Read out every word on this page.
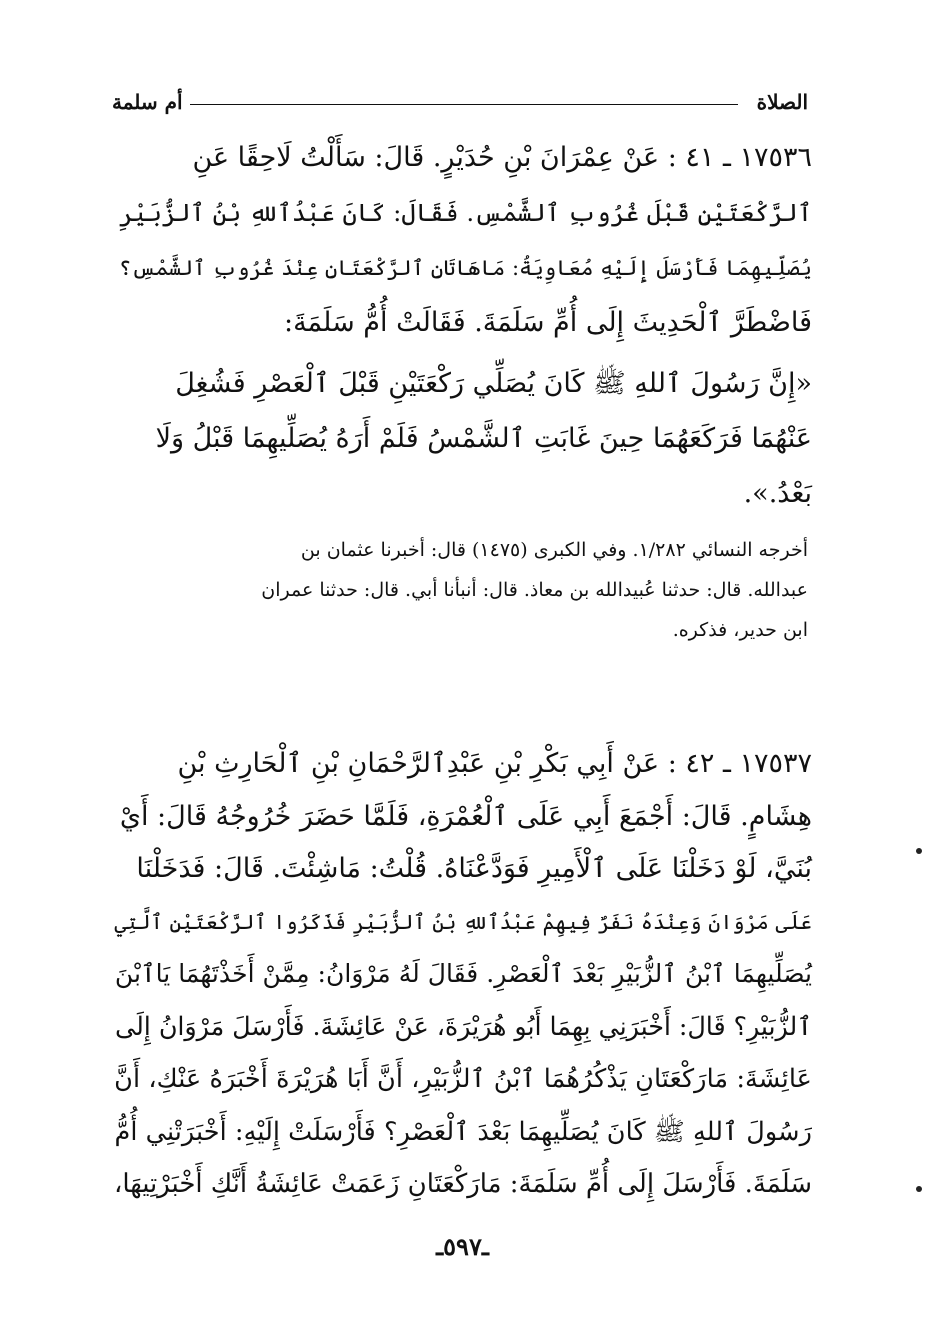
الصلاة
أم سلمة
١٧٥٣٦ ـ ٤١ : عَنْ عِمْرَانَ بْنِ حُدَيْرٍ. قَالَ: سَأَلْتُ لَاحِقًا عَنِ
ٱلرَّكْعَتَيْنِ قَبْلَ غُرُوبِ ٱلشَّمْسِ. فَقَالَ: كَانَ عَبْدُٱللهِ بْنُ ٱلزُّبَيْرِ
يُصَلِّيهِمَا فَأَرْسَلَ إِلَيْهِ مُعَاوِيَةُ: مَاهَاتَانِ ٱلرَّكْعَتَانِ عِنْدَ غُرُوبِ ٱلشَّمْسِ؟
فَاضْطَرَّ ٱلْحَدِيثَ إِلَى أُمِّ سَلَمَةَ. فَقَالَتْ أُمُّ سَلَمَةَ:
«إِنَّ رَسُولَ ٱللهِ ﷺ كَانَ يُصَلِّي رَكْعَتَيْنِ قَبْلَ ٱلْعَصْرِ فَشُغِلَ
عَنْهُمَا فَرَكَعَهُمَا حِينَ غَابَتِ ٱلشَّمْسُ فَلَمْ أَرَهُ يُصَلِّيهِمَا قَبْلُ وَلَا
بَعْدُ.».
أخرجه النسائي ١/٢٨٢. وفي الكبرى (١٤٧٥) قال: أخبرنا عثمان بن
عبدالله. قال: حدثنا عُبيدالله بن معاذ. قال: أنبأنا أبي. قال: حدثنا عمران
ابن حدير، فذكره.
١٧٥٣٧ ـ ٤٢ : عَنْ أَبِي بَكْرِ بْنِ عَبْدِٱلرَّحْمَانِ بْنِ ٱلْحَارِثِ بْنِ
هِشَامٍ. قَالَ: أَجْمَعَ أَبِي عَلَى ٱلْعُمْرَةِ، فَلَمَّا حَضَرَ خُرُوجُهُ قَالَ: أَيْ
بُنَيَّ، لَوْ دَخَلْنَا عَلَى ٱلْأَمِيرِ فَوَدَّعْنَاهُ. قُلْتُ: مَاشِئْتَ. قَالَ: فَدَخَلْنَا
عَلَى مَرْوَانَ وَعِنْدَهُ نَفَرٌ فِيهِمْ عَبْدُٱللهِ بْنُ ٱلزُّبَيْرِ فَذَكَرُوا ٱلرَّكْعَتَيْنِ ٱلَّتِي
يُصَلِّيهِمَا ٱبْنُ ٱلزُّبَيْرِ بَعْدَ ٱلْعَصْرِ. فَقَالَ لَهُ مَرْوَانُ: مِمَّنْ أَخَذْتَهُمَا يَاٱبْنَ
ٱلزُّبَيْرِ؟ قَالَ: أَخْبَرَنِي بِهِمَا أَبُو هُرَيْرَةَ، عَنْ عَائِشَةَ. فَأَرْسَلَ مَرْوَانُ إِلَى
عَائِشَةَ: مَارَكْعَتَانِ يَذْكُرُهُمَا ٱبْنُ ٱلزُّبَيْرِ، أَنَّ أَبَا هُرَيْرَةَ أَخْبَرَهُ عَنْكِ، أَنَّ
رَسُولَ ٱللهِ ﷺ كَانَ يُصَلِّيهِمَا بَعْدَ ٱلْعَصْرِ؟ فَأَرْسَلَتْ إِلَيْهِ: أَخْبَرَتْنِي أُمُّ
سَلَمَةَ. فَأَرْسَلَ إِلَى أُمِّ سَلَمَةَ: مَارَكْعَتَانِ زَعَمَتْ عَائِشَةُ أَنَّكِ أَخْبَرْتِيهَا،
ـ٥٩٧ـ
